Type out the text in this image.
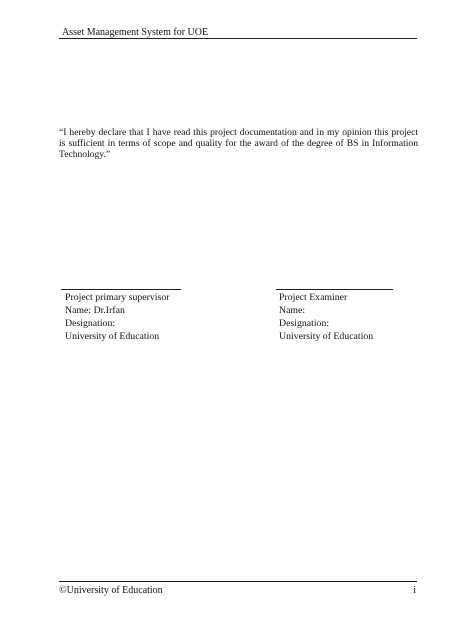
Asset Management System for UOE
“I hereby declare that I have read this project documentation and in my opinion this project is sufficient in terms of scope and quality for the award of the degree of BS in Information Technology.”
Project primary supervisor
Name: Dr.Irfan
Designation:
University of Education
Project Examiner
Name:
Designation:
University of Education
©University of Education	i
